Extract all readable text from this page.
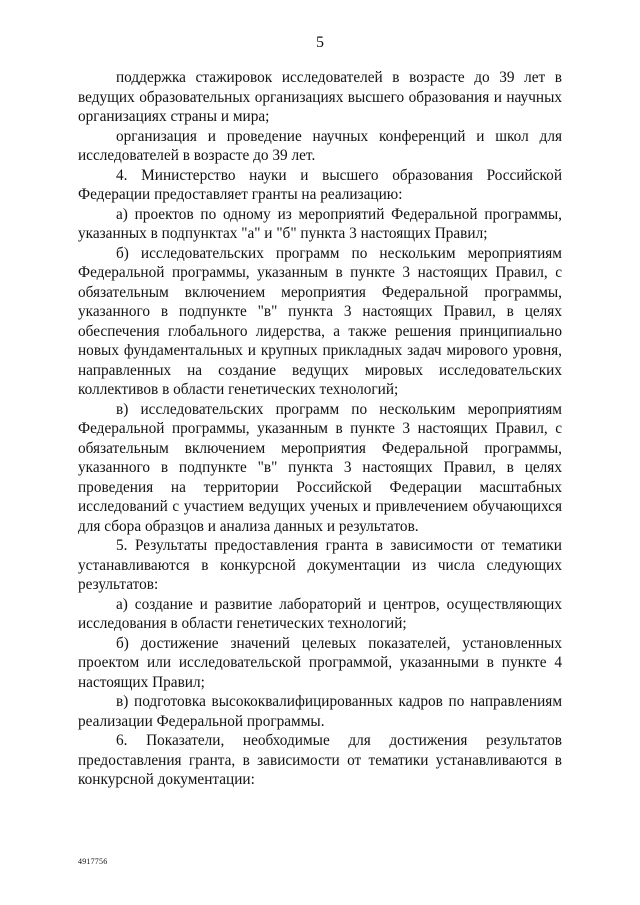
5

поддержка стажировок исследователей в возрасте до 39 лет в ведущих образовательных организациях высшего образования и научных организациях страны и мира;

организация и проведение научных конференций и школ для исследователей в возрасте до 39 лет.

4. Министерство науки и высшего образования Российской Федерации предоставляет гранты на реализацию:

а) проектов по одному из мероприятий Федеральной программы, указанных в подпунктах "а" и "б" пункта 3 настоящих Правил;

б) исследовательских программ по нескольким мероприятиям Федеральной программы, указанным в пункте 3 настоящих Правил, с обязательным включением мероприятия Федеральной программы, указанного в подпункте "в" пункта 3 настоящих Правил, в целях обеспечения глобального лидерства, а также решения принципиально новых фундаментальных и крупных прикладных задач мирового уровня, направленных на создание ведущих мировых исследовательских коллективов в области генетических технологий;

в) исследовательских программ по нескольким мероприятиям Федеральной программы, указанным в пункте 3 настоящих Правил, с обязательным включением мероприятия Федеральной программы, указанного в подпункте "в" пункта 3 настоящих Правил, в целях проведения на территории Российской Федерации масштабных исследований с участием ведущих ученых и привлечением обучающихся для сбора образцов и анализа данных и результатов.

5. Результаты предоставления гранта в зависимости от тематики устанавливаются в конкурсной документации из числа следующих результатов:

а) создание и развитие лабораторий и центров, осуществляющих исследования в области генетических технологий;

б) достижение значений целевых показателей, установленных проектом или исследовательской программой, указанными в пункте 4 настоящих Правил;

в) подготовка высококвалифицированных кадров по направлениям реализации Федеральной программы.

6. Показатели, необходимые для достижения результатов предоставления гранта, в зависимости от тематики устанавливаются в конкурсной документации:

4917756
